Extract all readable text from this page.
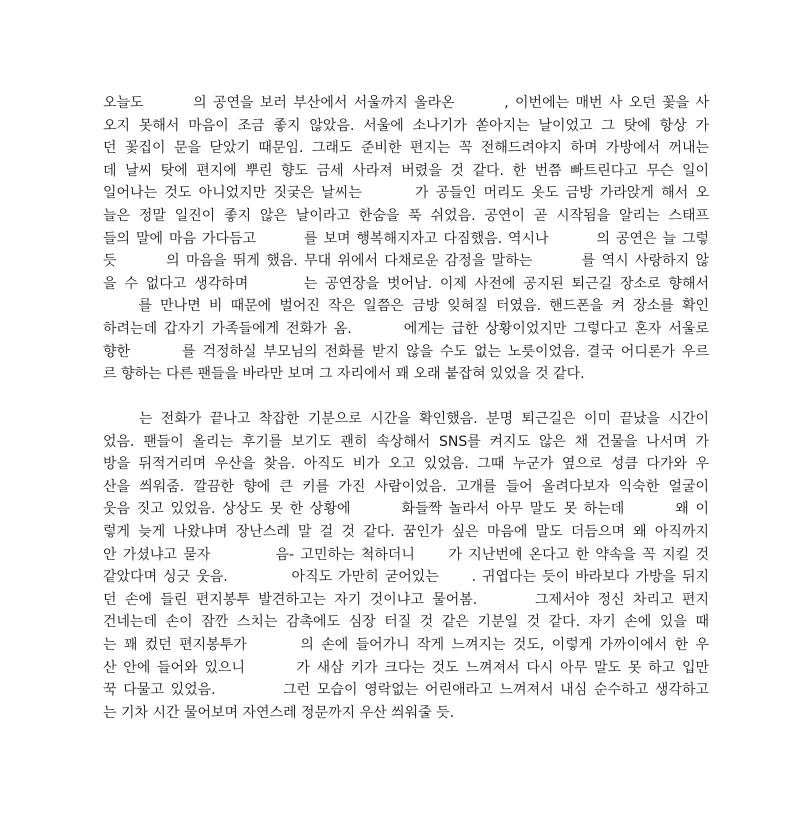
오늘도　　　의 공연을 보러 부산에서 서울까지 올라온　　　, 이번에는 매번 사 오던 꽃을 사

오지 못해서 마음이 조금 좋지 않았음. 서울에 소나기가 쏟아지는 날이었고 그 탓에 항상 가

던 꽃집이 문을 닫았기 때문임. 그래도 준비한 편지는 꼭 전해드려야지 하며 가방에서 꺼내는

데 날씨 탓에 편지에 뿌린 향도 금세 사라져 버렸을 것 같다. 한 번쯤 빠트린다고 무슨 일이

일어나는 것도 아니었지만 짓궂은 날씨는　　　가 공들인 머리도 옷도 금방 가라앉게 해서 오

늘은 정말 일진이 좋지 않은 날이라고 한숨을 푹 쉬었음. 공연이 곧 시작됨을 알리는 스태프

들의 말에 마음 가다듬고　　　를 보며 행복해지자고 다짐했음. 역시나　　　의 공연은 늘 그렇

듯　　　의 마음을 뛰게 했음. 무대 위에서 다채로운 감정을 말하는　　　를 역시 사랑하지 않

을 수 없다고 생각하며　　　는 공연장을 벗어남. 이제 사전에 공지된 퇴근길 장소로 향해서

　　를 만나면 비 때문에 벌어진 작은 일쯤은 금방 잊혀질 터였음. 핸드폰을 켜 장소를 확인

하려는데 갑자기 가족들에게 전화가 옴.　　　에게는 급한 상황이었지만 그렇다고 혼자 서울로

향한　　　를 걱정하실 부모님의 전화를 받지 않을 수도 없는 노릇이었음. 결국 어디론가 우르

르 향하는 다른 팬들을 바라만 보며 그 자리에서 꽤 오래 붙잡혀 있었을 것 같다.

　　는 전화가 끝나고 착잡한 기분으로 시간을 확인했음. 분명 퇴근길은 이미 끝났을 시간이

었음. 팬들이 올리는 후기를 보기도 괜히 속상해서 SNS를 켜지도 않은 채 건물을 나서며 가

방을 뒤적거리며 우산을 찾음. 아직도 비가 오고 있었음. 그때 누군가 옆으로 성큼 다가와 우

산을 씌워줌. 깔끔한 향에 큰 키를 가진 사람이었음. 고개를 들어 올려다보자 익숙한 얼굴이

웃음 짓고 있었음. 상상도 못 한 상황에　　　화들짝 놀라서 아무 말도 못 하는데　　　왜 이

렇게 늦게 나왔냐며 장난스레 말 걸 것 같다. 꿈인가 싶은 마음에 말도 더듬으며 왜 아직까지

안 가셨냐고 묻자　　　　음- 고민하는 척하더니　　가 지난번에 온다고 한 약속을 꼭 지킬 것

같았다며 싱긋 웃음.　　　　아직도 가만히 굳어있는　　. 귀엽다는 듯이 바라보다 가방을 뒤지

던 손에 들린 편지봉투 발견하고는 자기 것이냐고 물어봄.　　　그제서야 정신 차리고 편지

건네는데 손이 잠깐 스치는 감촉에도 심장 터질 것 같은 기분일 것 같다. 자기 손에 있을 때

는 꽤 컸던 편지봉투가　　　의 손에 들어가니 작게 느껴지는 것도, 이렇게 가까이에서 한 우

산 안에 들어와 있으니　　　가 새삼 키가 크다는 것도 느껴져서 다시 아무 말도 못 하고 입만

꾹 다물고 있었음.　　　　그런 모습이 영락없는 어린애라고 느껴져서 내심 순수하고 생각하고

는 기차 시간 물어보며 자연스레 정문까지 우산 씌워줄 듯.
